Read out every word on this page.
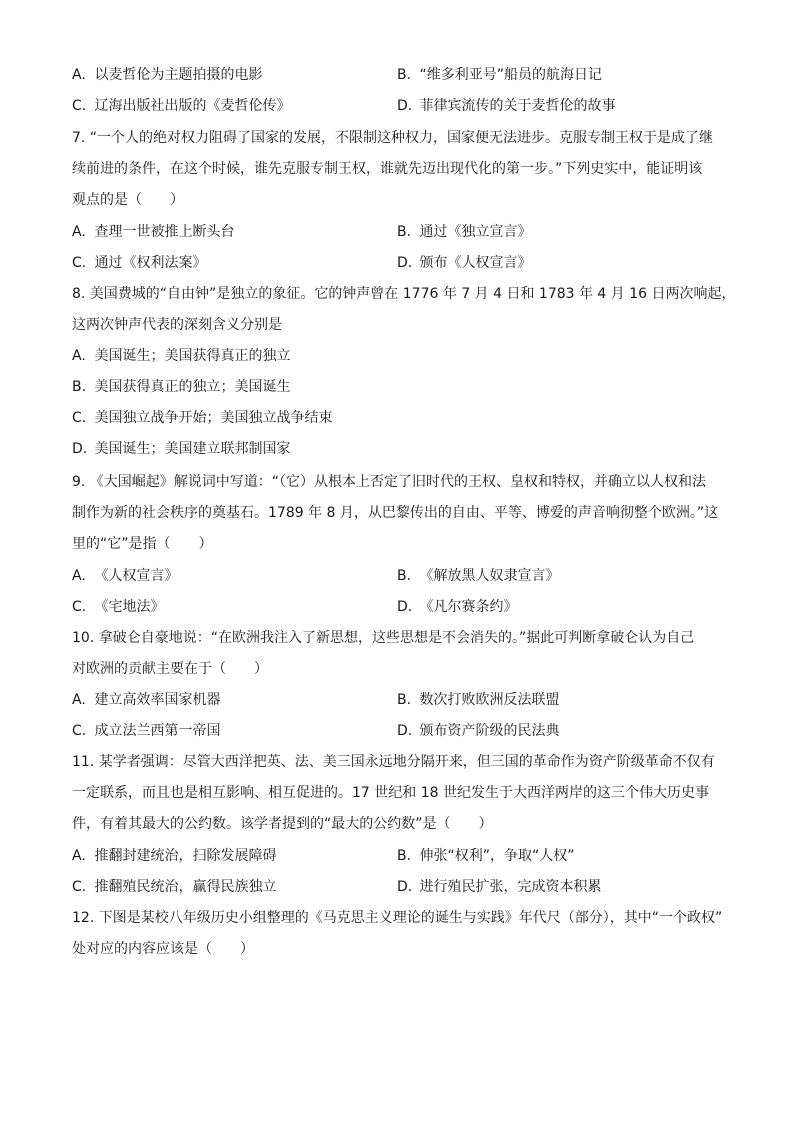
A. 以麦哲伦为主题拍摄的电影	B. “维多利亚号”船员的航海日记
C. 辽海出版社出版的《麦哲伦传》	D. 菲律宾流传的关于麦哲伦的故事
7. “一个人的绝对权力阻碍了国家的发展，不限制这种权力，国家便无法进步。克服专制王权于是成了继
续前进的条件，在这个时候，谁先克服专制王权，谁就先迈出现代化的第一步。”下列史实中，能证明该
观点的是（　　）
A. 查理一世被推上断头台	B. 通过《独立宣言》
C. 通过《权利法案》	D. 颁布《人权宣言》
8. 美国费城的“自由钟”是独立的象征。它的钟声曾在 1776 年 7 月 4 日和 1783 年 4 月 16 日两次响起，
这两次钟声代表的深刻含义分别是
A. 美国诞生；美国获得真正的独立
B. 美国获得真正的独立；美国诞生
C. 美国独立战争开始；美国独立战争结束
D. 美国诞生；美国建立联邦制国家
9. 《大国崛起》解说词中写道：“（它）从根本上否定了旧时代的王权、皇权和特权，并确立以人权和法
制作为新的社会秩序的奠基石。1789 年 8 月，从巴黎传出的自由、平等、博爱的声音响彻整个欧洲。”这
里的“它”是指（　　）
A. 《人权宣言》	B. 《解放黑人奴隶宣言》
C. 《宅地法》	D. 《凡尔赛条约》
10. 拿破仑自豪地说：“在欧洲我注入了新思想，这些思想是不会消失的。”据此可判断拿破仑认为自己
对欧洲的贡献主要在于（　　）
A. 建立高效率国家机器	B. 数次打败欧洲反法联盟
C. 成立法兰西第一帝国	D. 颁布资产阶级的民法典
11. 某学者强调：尽管大西洋把英、法、美三国永远地分隔开来，但三国的革命作为资产阶级革命不仅有
一定联系，而且也是相互影响、相互促进的。17 世纪和 18 世纪发生于大西洋两岸的这三个伟大历史事
件，有着其最大的公约数。该学者提到的“最大的公约数”是（　　）
A. 推翻封建统治，扫除发展障碍	B. 伸张“权利”，争取“人权”
C. 推翻殖民统治，赢得民族独立	D. 进行殖民扩张，完成资本积累
12. 下图是某校八年级历史小组整理的《马克思主义理论的诞生与实践》年代尺（部分），其中“一个政权”
处对应的内容应该是（　　）
